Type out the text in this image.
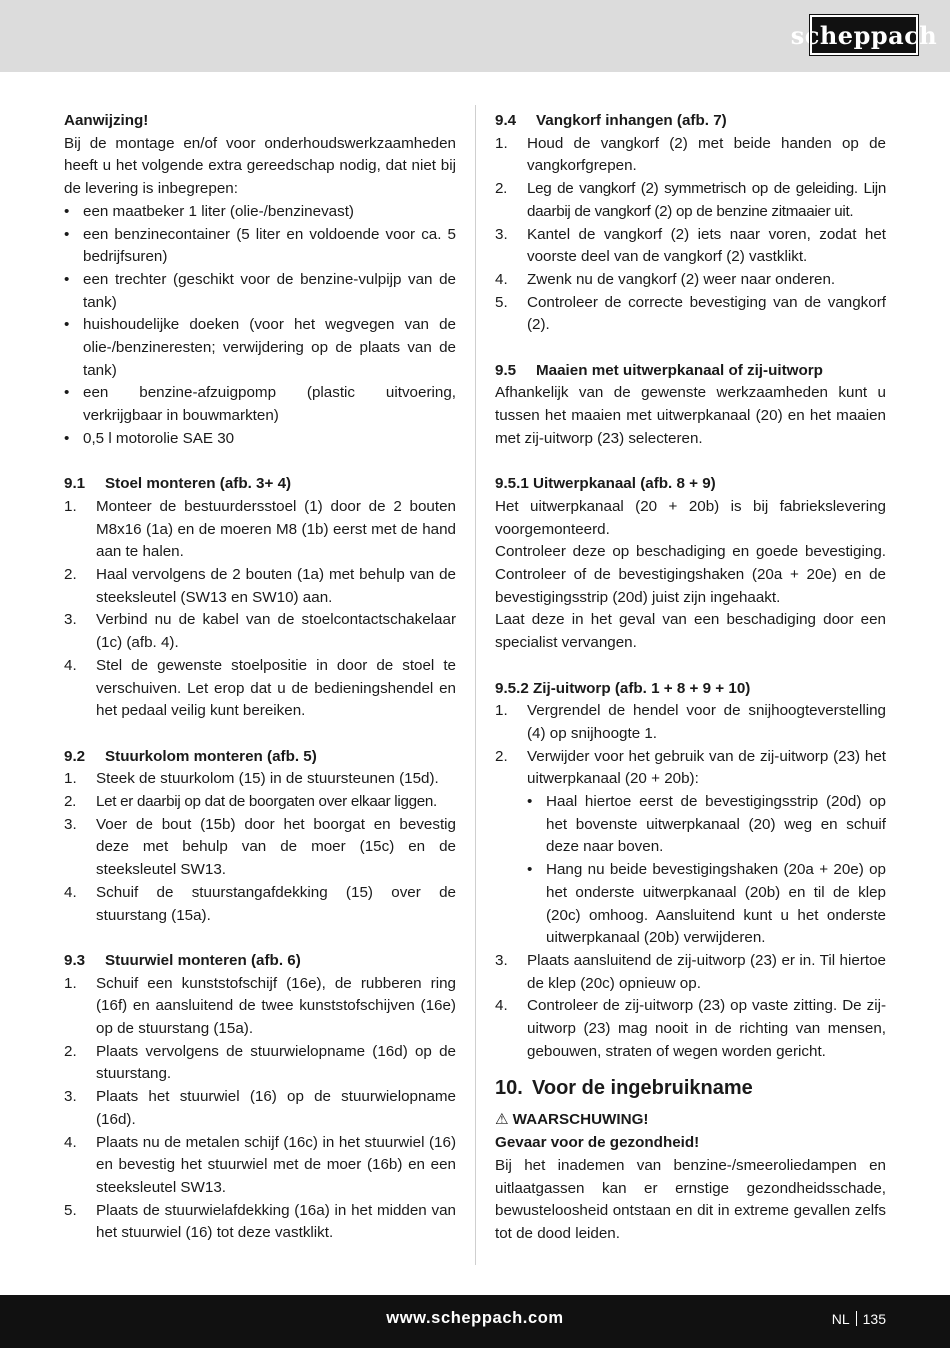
scheppach

Aanwijzing!

Bij de montage en/of voor onderhoudswerkzaamheden heeft u het volgende extra gereedschap nodig, dat niet bij de levering is inbegrepen:

• een maatbeker 1 liter (olie-/benzinevast)
• een benzinecontainer (5 liter en voldoende voor ca. 5 bedrijfsuren)
• een trechter (geschikt voor de benzine-vulpijp van de tank)
• huishoudelijke doeken (voor het wegvegen van de olie-/benzineresten; verwijdering op de plaats van de tank)
• een benzine-afzuigpomp (plastic uitvoering, verkrijgbaar in bouwmarkten)
• 0,5 l motorolie SAE 30

9.1 Stoel monteren (afb. 3+ 4)

1. Monteer de bestuurdersstoel (1) door de 2 bouten M8x16 (1a) en de moeren M8 (1b) eerst met de hand aan te halen.
2. Haal vervolgens de 2 bouten (1a) met behulp van de steeksleutel (SW13 en SW10) aan.
3. Verbind nu de kabel van de stoelcontactschakelaar (1c) (afb. 4).
4. Stel de gewenste stoelpositie in door de stoel te verschuiven. Let erop dat u de bedieningshendel en het pedaal veilig kunt bereiken.

9.2 Stuurkolom monteren (afb. 5)

1. Steek de stuurkolom (15) in de stuursteunen (15d).
2. Let er daarbij op dat de boorgaten over elkaar liggen.
3. Voer de bout (15b) door het boorgat en bevestig deze met behulp van de moer (15c) en de steeksleutel SW13.
4. Schuif de stuurstangafdekking (15) over de stuurstang (15a).

9.3 Stuurwiel monteren (afb. 6)

1. Schuif een kunststofschijf (16e), de rubberen ring (16f) en aansluitend de twee kunststofschijven (16e) op de stuurstang (15a).
2. Plaats vervolgens de stuurwielopname (16d) op de stuurstang.
3. Plaats het stuurwiel (16) op de stuurwielopname (16d).
4. Plaats nu de metalen schijf (16c) in het stuurwiel (16) en bevestig het stuurwiel met de moer (16b) en een steeksleutel SW13.
5. Plaats de stuurwielafdekking (16a) in het midden van het stuurwiel (16) tot deze vastklikt.

9.4 Vangkorf inhangen (afb. 7)

1. Houd de vangkorf (2) met beide handen op de vangkorfgrepen.
2. Leg de vangkorf (2) symmetrisch op de geleiding. Lijn daarbij de vangkorf (2) op de benzine zitmaaier uit.
3. Kantel de vangkorf (2) iets naar voren, zodat het voorste deel van de vangkorf (2) vastklikt.
4. Zwenk nu de vangkorf (2) weer naar onderen.
5. Controleer de correcte bevestiging van de vangkorf (2).

9.5 Maaien met uitwerpkanaal of zij-uitworp

Afhankelijk van de gewenste werkzaamheden kunt u tussen het maaien met uitwerpkanaal (20) en het maaien met zij-uitworp (23) selecteren.

9.5.1 Uitwerpkanaal (afb. 8 + 9)

Het uitwerpkanaal (20 + 20b) is bij fabriekslevering voorgemonteerd.

Controleer deze op beschadiging en goede bevestiging. Controleer of de bevestigingshaken (20a + 20e) en de bevestigingsstrip (20d) juist zijn ingehaakt.

Laat deze in het geval van een beschadiging door een specialist vervangen.

9.5.2 Zij-uitworp (afb. 1 + 8 + 9 + 10)

1. Vergrendel de hendel voor de snijhoogteverstelling (4) op snijhoogte 1.
2. Verwijder voor het gebruik van de zij-uitworp (23) het uitwerpkanaal (20 + 20b):
• Haal hiertoe eerst de bevestigingsstrip (20d) op het bovenste uitwerpkanaal (20) weg en schuif deze naar boven.
• Hang nu beide bevestigingshaken (20a + 20e) op het onderste uitwerpkanaal (20b) en til de klep (20c) omhoog. Aansluitend kunt u het onderste uitwerpkanaal (20b) verwijderen.
3. Plaats aansluitend de zij-uitworp (23) er in. Til hiertoe de klep (20c) opnieuw op.
4. Controleer de zij-uitworp (23) op vaste zitting. De zij-uitworp (23) mag nooit in de richting van mensen, gebouwen, straten of wegen worden gericht.
10. Voor de ingebruikname

⚠ WAARSCHUWING!

Gevaar voor de gezondheid!

Bij het inademen van benzine-/smeeroliedampen en uitlaatgassen kan er ernstige gezondheidsschade, bewusteloosheid ontstaan en dit in extreme gevallen zelfs tot de dood leiden.

www.scheppach.com	NL 135
